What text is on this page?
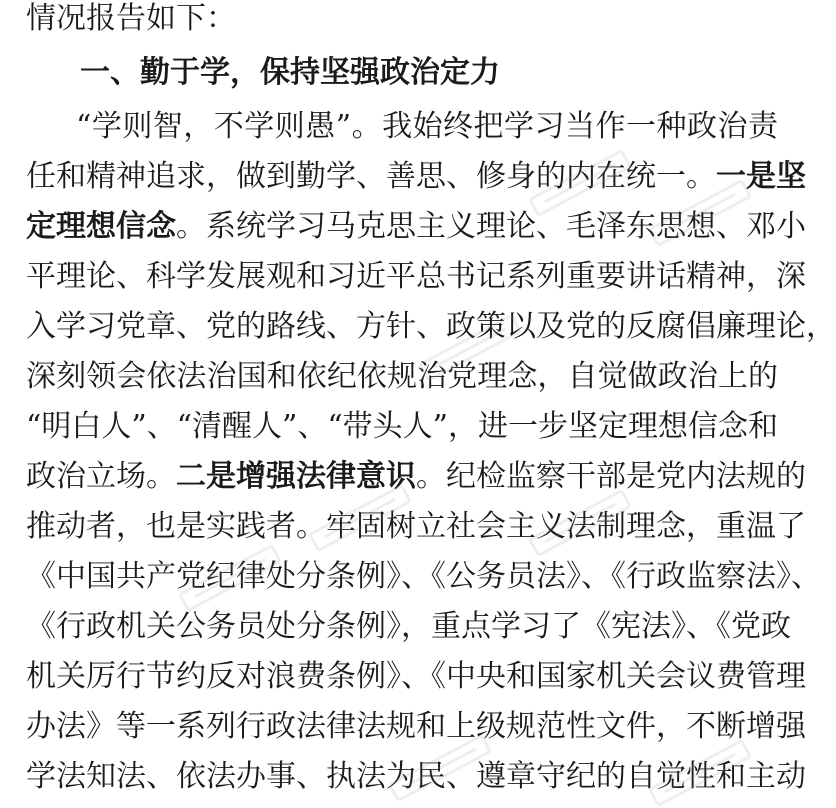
情况报告如下：
一、勤于学，保持坚强政治定力
“学则智，不学则愚”。我始终把学习当作一种政治责
任和精神追求，做到勤学、善思、修身的内在统一。一是坚
定理想信念。系统学习马克思主义理论、毛泽东思想、邓小
平理论、科学发展观和习近平总书记系列重要讲话精神，深
入学习党章、党的路线、方针、政策以及党的反腐倡廉理论，
深刻领会依法治国和依纪依规治党理念，自觉做政治上的
“明白人”、“清醒人”、“带头人”，进一步坚定理想信念和
政治立场。二是增强法律意识。纪检监察干部是党内法规的
推动者，也是实践者。牢固树立社会主义法制理念，重温了
《中国共产党纪律处分条例》、《公务员法》、《行政监察法》、
《行政机关公务员处分条例》，重点学习了《宪法》、《党政
机关厉行节约反对浪费条例》、《中央和国家机关会议费管理
办法》等一系列行政法律法规和上级规范性文件，不断增强
学法知法、依法办事、执法为民、遵章守纪的自觉性和主动
